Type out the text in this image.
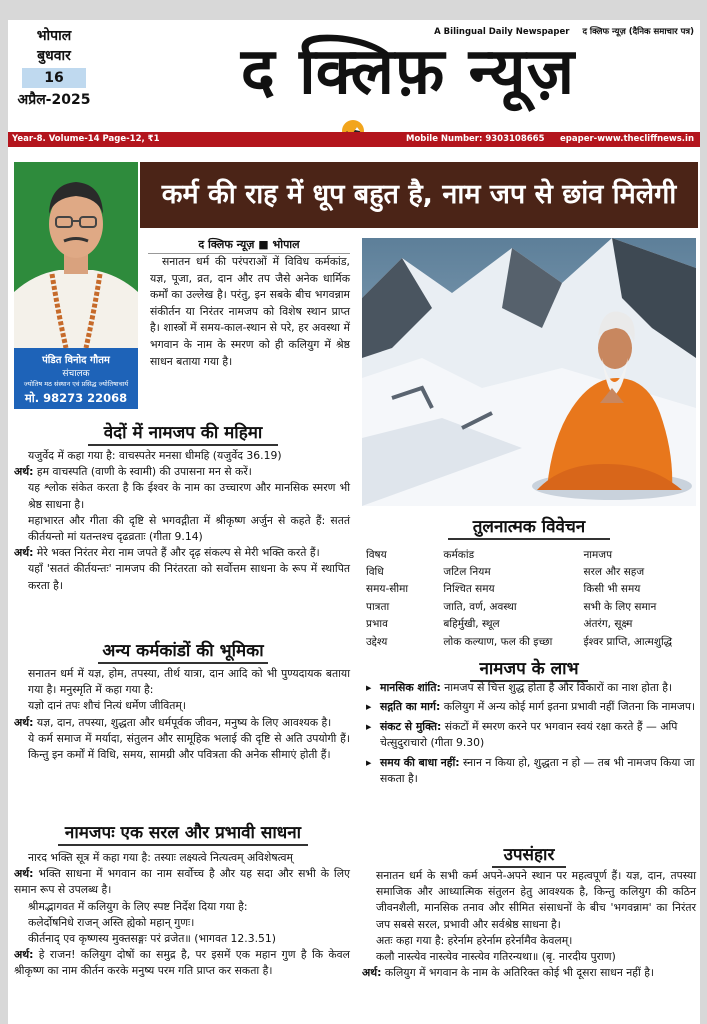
भोपाल
बुधवार
16
अप्रैल-2025
A Bilingual Daily Newspaper द क्लिफ न्यूज़ (दैनिक समाचार पत्र)
द क्लिफ़ न्यूज़
Year-8. Volume-14 Page-12, ₹1	Mobile Number: 9303108665 epaper-www.thecliffnews.in
पंडित विनोद गौतम
संचालक
ज्योतिष मठ संस्थान एवं प्रसिद्ध ज्योतिषाचार्य
मो. 98273 22068
कर्म की राह में धूप बहुत है, नाम जप से छांव मिलेगी
द क्लिफ न्यूज़ ■ भोपाल

सनातन धर्म की परंपराओं में विविध कर्मकांड, यज्ञ, पूजा, व्रत, दान और तप जैसे अनेक धार्मिक कर्मों का उल्लेख है। परंतु, इन सबके बीच भगवन्नाम संकीर्तन या निरंतर नामजप को विशेष स्थान प्राप्त है। शास्त्रों में समय-काल-स्थान से परे, हर अवस्था में भगवान के नाम के स्मरण को ही कलियुग में श्रेष्ठ साधन बताया गया है।

वेदों में नामजप की महिमा

यजुर्वेद में कहा गया है: वाचस्पतेर मनसा धीमहि (यजुर्वेद 36.19)

अर्थ: हम वाचस्पति (वाणी के स्वामी) की उपासना मन से करें।

यह श्लोक संकेत करता है कि ईश्वर के नाम का उच्चारण और मानसिक स्मरण भी श्रेष्ठ साधना है।

महाभारत और गीता की दृष्टि से भगवद्गीता में श्रीकृष्ण अर्जुन से कहते हैं: सततं कीर्तयन्तो मां यतन्तश्च दृढव्रताः (गीता 9.14)

अर्थ: मेरे भक्त निरंतर मेरा नाम जपते हैं और दृढ़ संकल्प से मेरी भक्ति करते हैं।

यहाँ 'सततं कीर्तयन्तः' नामजप की निरंतरता को सर्वोत्तम साधना के रूप में स्थापित करता है।

अन्य कर्मकांडों की भूमिका

सनातन धर्म में यज्ञ, होम, तपस्या, तीर्थ यात्रा, दान आदि को भी पुण्यदायक बताया गया है। मनुस्मृति में कहा गया है:

यज्ञो दानं तपः शौचं नित्यं धर्मेण जीवितम्।

अर्थ: यज्ञ, दान, तपस्या, शुद्धता और धर्मपूर्वक जीवन, मनुष्य के लिए आवश्यक है।

ये कर्म समाज में मर्यादा, संतुलन और सामूहिक भलाई की दृष्टि से अति उपयोगी हैं। किन्तु इन कर्मों में विधि, समय, सामग्री और पवित्रता की अनेक सीमाएं होती हैं।

नामजपः एक सरल और प्रभावी साधना

नारद भक्ति सूत्र में कहा गया है: तस्याः लक्ष्यत्वे नित्यत्वम् अविशेषत्वम्

अर्थ: भक्ति साधना में भगवान का नाम सर्वोच्च है और यह सदा और सभी के लिए समान रूप से उपलब्ध है।

श्रीमद्भागवत में कलियुग के लिए स्पष्ट निर्देश दिया गया है:

कलेर्दोषनिधे राजन् अस्ति ह्येको महान् गुणः।

कीर्तनाद् एव कृष्णस्य मुक्तसङ्गः परं व्रजेत॥ (भागवत 12.3.51)

अर्थ: हे राजन! कलियुग दोषों का समुद्र है, पर इसमें एक महान गुण है कि केवल श्रीकृष्ण का नाम कीर्तन करके मनुष्य परम गति प्राप्त कर सकता है।

तुलनात्मक विवेचन
विषय	कर्मकांड	नामजप
विधि	जटिल नियम	सरल और सहज
समय-सीमा	निश्चित समय	किसी भी समय
पात्रता	जाति, वर्ण, अवस्था	सभी के लिए समान
प्रभाव	बहिर्मुखी, स्थूल	अंतरंग, सूक्ष्म
उद्देश्य	लोक कल्याण, फल की इच्छा	ईश्वर प्राप्ति, आत्मशुद्धि
नामजप के लाभ
▸ मानसिक शांति: नामजप से चित्त शुद्ध होता है और विकारों का नाश होता है।
▸ सद्गति का मार्ग: कलियुग में अन्य कोई मार्ग इतना प्रभावी नहीं जितना कि नामजप।
▸ संकट से मुक्ति: संकटों में स्मरण करने पर भगवान स्वयं रक्षा करते हैं — अपि चेत्सुदुराचारो (गीता 9.30)
▸ समय की बाधा नहीं: स्नान न किया हो, शुद्धता न हो — तब भी नामजप किया जा सकता है।
उपसंहार

सनातन धर्म के सभी कर्म अपने-अपने स्थान पर महत्वपूर्ण हैं। यज्ञ, दान, तपस्या समाजिक और आध्यात्मिक संतुलन हेतु आवश्यक है, किन्तु कलियुग की कठिन जीवनशैली, मानसिक तनाव और सीमित संसाधनों के बीच 'भगवन्नाम' का निरंतर जप सबसे सरल, प्रभावी और सर्वश्रेष्ठ साधना है।

अतः कहा गया है: हरेर्नाम हरेर्नाम हरेर्नामैव केवलम्।

कलौ नास्त्येव नास्त्येव नास्त्येव गतिरन्यथा॥ (बृ. नारदीय पुराण)

अर्थ: कलियुग में भगवान के नाम के अतिरिक्त कोई भी दूसरा साधन नहीं है।
